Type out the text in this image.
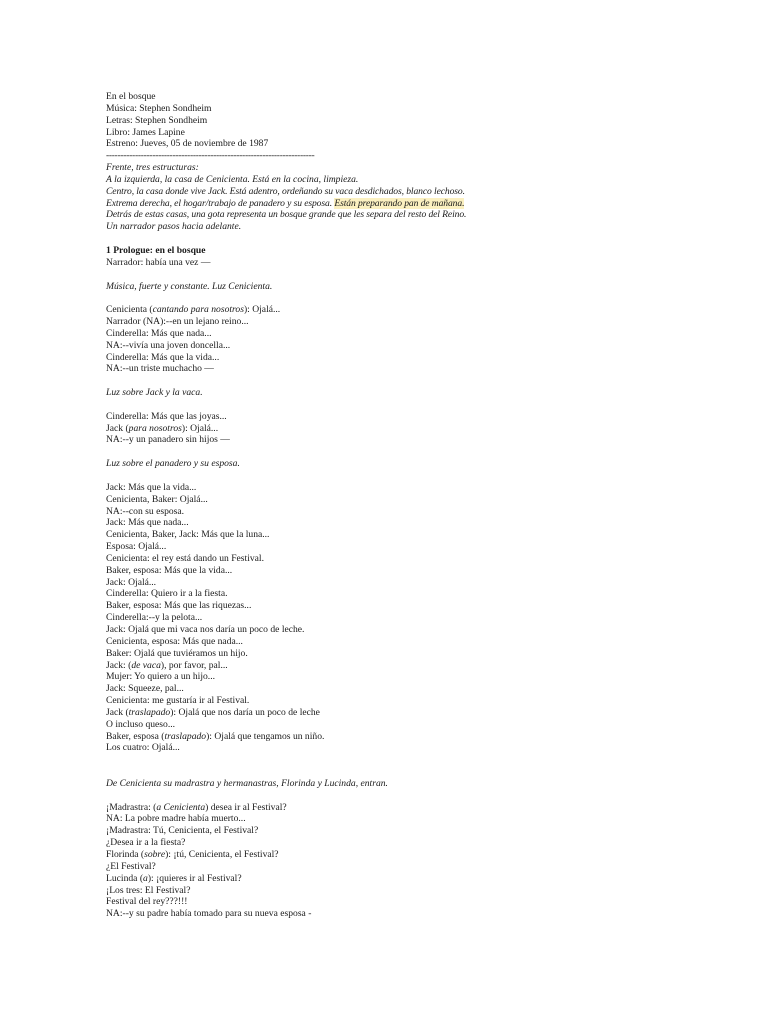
En el bosque
Música: Stephen Sondheim
Letras: Stephen Sondheim
Libro: James Lapine
Estreno: Jueves, 05 de noviembre de 1987
------------------------------------------------------------------------
Frente, tres estructuras:
A la izquierda, la casa de Cenicienta. Está en la cocina, limpieza.
Centro, la casa donde vive Jack. Está adentro, ordeñando su vaca desdichados, blanco lechoso.
Extrema derecha, el hogar/trabajo de panadero y su esposa. Están preparando pan de mañana.
Detrás de estas casas, una gota representa un bosque grande que les separa del resto del Reino.
Un narrador pasos hacia adelante.
1 Prologue: en el bosque
Narrador: había una vez —
Música, fuerte y constante. Luz Cenicienta.
Cenicienta (cantando para nosotros): Ojalá...
Narrador (NA):--en un lejano reino...
Cinderella: Más que nada...
NA:--vivía una joven doncella...
Cinderella: Más que la vida...
NA:--un triste muchacho —
Luz sobre Jack y la vaca.
Cinderella: Más que las joyas...
Jack (para nosotros): Ojalá...
NA:--y un panadero sin hijos —
Luz sobre el panadero y su esposa.
Jack: Más que la vida...
Cenicienta, Baker: Ojalá...
NA:--con su esposa.
Jack: Más que nada...
Cenicienta, Baker, Jack: Más que la luna...
Esposa: Ojalá...
Cenicienta: el rey está dando un Festival.
Baker, esposa: Más que la vida...
Jack: Ojalá...
Cinderella: Quiero ir a la fiesta.
Baker, esposa: Más que las riquezas...
Cinderella:--y la pelota...
Jack: Ojalá que mi vaca nos daría un poco de leche.
Cenicienta, esposa: Más que nada...
Baker: Ojalá que tuviéramos un hijo.
Jack: (de vaca), por favor, pal...
Mujer: Yo quiero a un hijo...
Jack: Squeeze, pal...
Cenicienta: me gustaría ir al Festival.
Jack (traslapado): Ojalá que nos daría un poco de leche
O incluso queso...
Baker, esposa (traslapado): Ojalá que tengamos un niño.
Los cuatro: Ojalá...
De Cenicienta su madrastra y hermanastras, Florinda y Lucinda, entran.
¡Madrastra: (a Cenicienta) desea ir al Festival?
NA: La pobre madre había muerto...
¡Madrastra: Tú, Cenicienta, el Festival?
¿Desea ir a la fiesta?
Florinda (sobre): ¡tú, Cenicienta, el Festival?
¿El Festival?
Lucinda (a): ¡quieres ir al Festival?
¡Los tres: El Festival?
Festival del rey???!!!
NA:--y su padre había tomado para su nueva esposa -
